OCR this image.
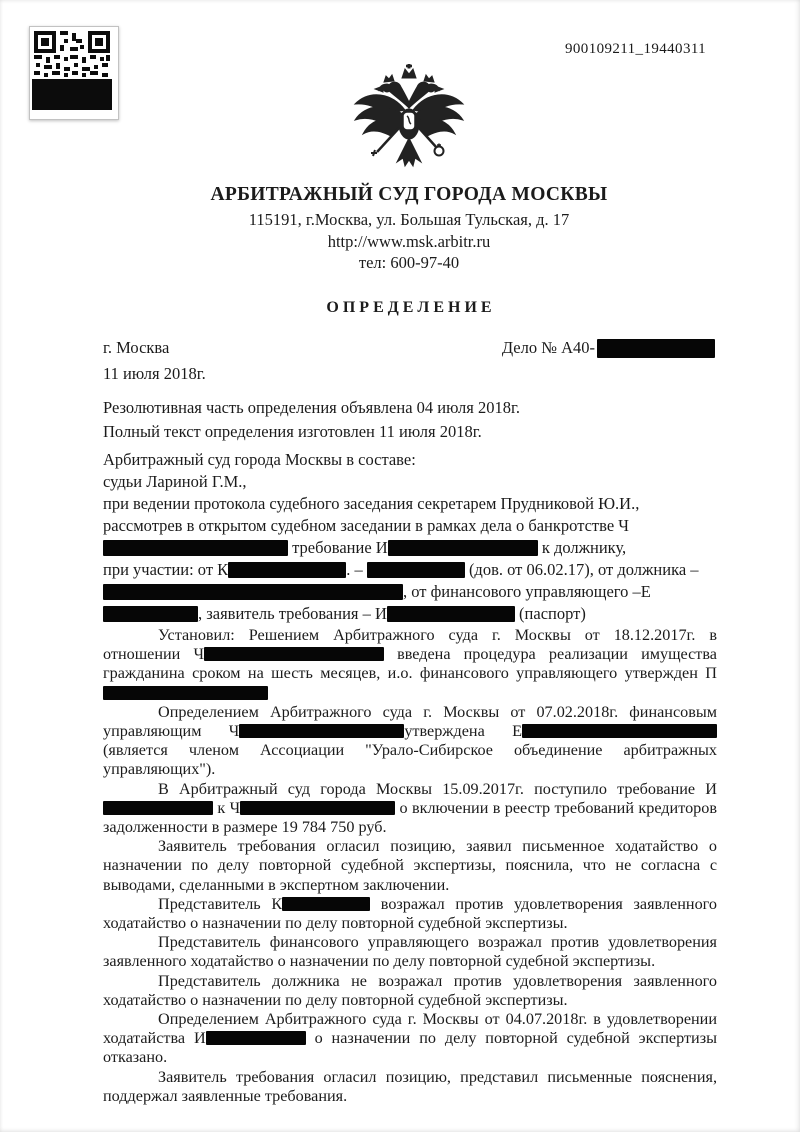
900109211_19440311
АРБИТРАЖНЫЙ СУД ГОРОДА МОСКВЫ
115191, г.Москва, ул. Большая Тульская, д. 17
http://www.msk.arbitr.ru
тел: 600-97-40
О П Р Е Д Е Л Е Н И Е
г. Москва	Дело № А40-
11 июля 2018г.
Резолютивная часть определения объявлена 04 июля 2018г.
Полный текст определения изготовлен 11 июля 2018г.
Арбитражный суд города Москвы в составе:
судьи Лариной Г.М.,
при ведении протокола судебного заседания секретарем Прудниковой Ю.И.,
рассмотрев в открытом судебном заседании в рамках дела о банкротстве Ч
требование И	к должнику,
при участии: от К	. –	(дов. от 06.02.17), от должника –
, от финансового управляющего –Е
, заявитель требования – И	(паспорт)

Установил: Решением Арбитражного суда г. Москвы от 18.12.2017г. в отношении Ч	введена процедура реализации имущества гражданина сроком на шесть месяцев, и.о. финансового управляющего утвержден П

Определением Арбитражного суда г. Москвы от 07.02.2018г. финансовым управляющим Ч	утверждена Е (является членом Ассоциации "Урало-Сибирское объединение арбитражных управляющих").

В Арбитражный суд города Москвы 15.09.2017г. поступило требование И к Ч	о включении в реестр требований кредиторов задолженности в размере 19 784 750 руб.

Заявитель требования огласил позицию, заявил письменное ходатайство о назначении по делу повторной судебной экспертизы, пояснила, что не согласна с выводами, сделанными в экспертном заключении.

Представитель К	возражал против удовлетворения заявленного ходатайство о назначении по делу повторной судебной экспертизы.

Представитель финансового управляющего возражал против удовлетворения заявленного ходатайство о назначении по делу повторной судебной экспертизы.

Представитель должника не возражал против удовлетворения заявленного ходатайство о назначении по делу повторной судебной экспертизы.

Определением Арбитражного суда г. Москвы от 04.07.2018г. в удовлетворении ходатайства И	о назначении по делу повторной судебной экспертизы отказано.

Заявитель требования огласил позицию, представил письменные пояснения, поддержал заявленные требования.
